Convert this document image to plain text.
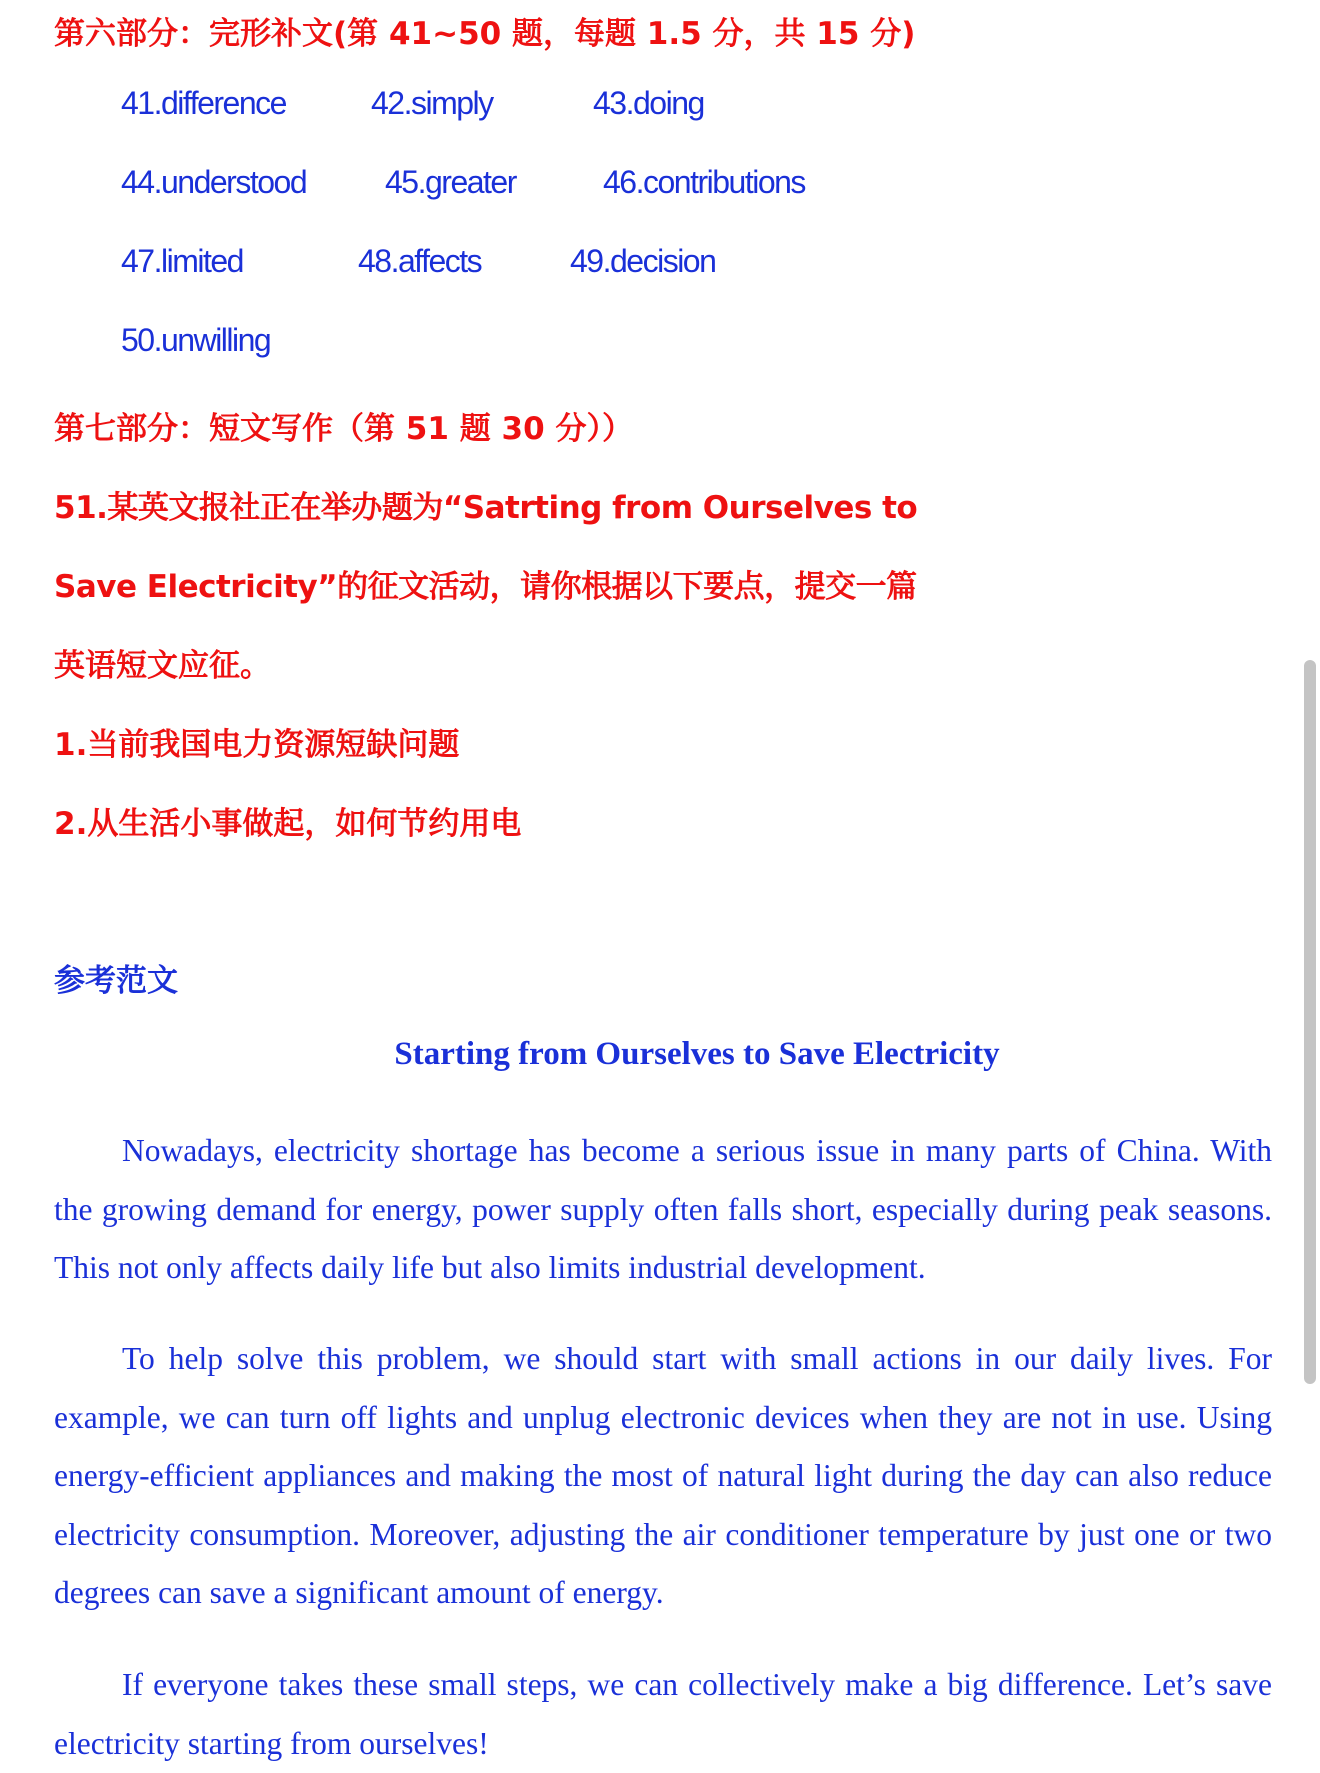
第六部分：完形补文(第 41~50 题，每题 1.5 分，共 15 分)
41.difference	42.simply	43.doing
44.understood 45.greater	46.contributions
47.limited	48.affects	49.decision
50.unwilling
第七部分：短文写作（第 51 题 30 分））
51.某英文报社正在举办题为“Satrting from Ourselves to
Save Electricity”的征文活动，请你根据以下要点，提交一篇
英语短文应征。
1.当前我国电力资源短缺问题
2.从生活小事做起，如何节约用电
参考范文
Starting from Ourselves to Save Electricity

Nowadays, electricity shortage has become a serious issue in many parts of China. With the growing demand for energy, power supply often falls short, especially during peak seasons. This not only affects daily life but also limits industrial development.

To help solve this problem, we should start with small actions in our daily lives. For example, we can turn off lights and unplug electronic devices when they are not in use. Using energy-efficient appliances and making the most of natural light during the day can also reduce electricity consumption. Moreover, adjusting the air conditioner temperature by just one or two degrees can save a significant amount of energy.

If everyone takes these small steps, we can collectively make a big difference. Let’s save electricity starting from ourselves!
